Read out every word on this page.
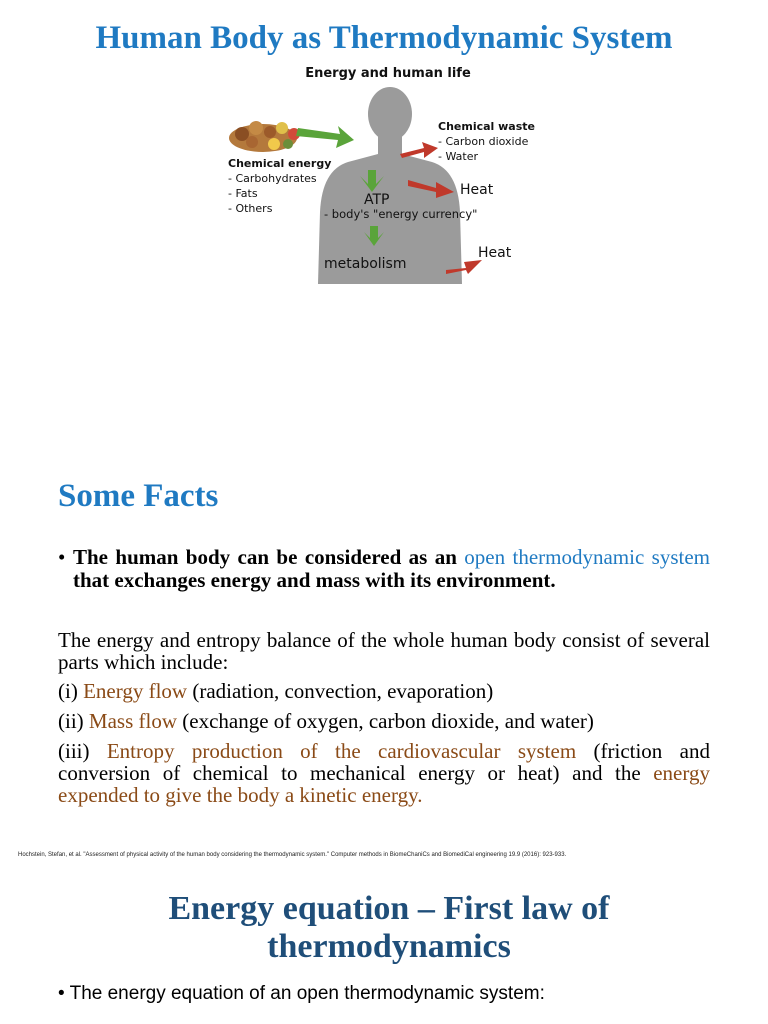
Human Body as Thermodynamic System
Energy and human life
Chemical energy
- Carbohydrates
- Fats
- Others
Chemical waste
- Carbon dioxide
- Water
Heat
ATP
- body's "energy currency"
Heat
metabolism
Some Facts
• The human body can be considered as an open thermodynamic system that exchanges energy and mass with its environment.
The energy and entropy balance of the whole human body consist of several parts which include:
(i) Energy flow (radiation, convection, evaporation)
(ii) Mass flow (exchange of oxygen, carbon dioxide, and water)
(iii) Entropy production of the cardiovascular system (friction and conversion of chemical to mechanical energy or heat) and the energy expended to give the body a kinetic energy.
Hochstein, Stefan, et al. "Assessment of physical activity of the human body considering the thermodynamic system." Computer methods in BiomeChaniCs and BiomediCal engineering 19.9 (2016): 923-933.
Energy equation – First law of
thermodynamics
• The energy equation of an open thermodynamic system:
